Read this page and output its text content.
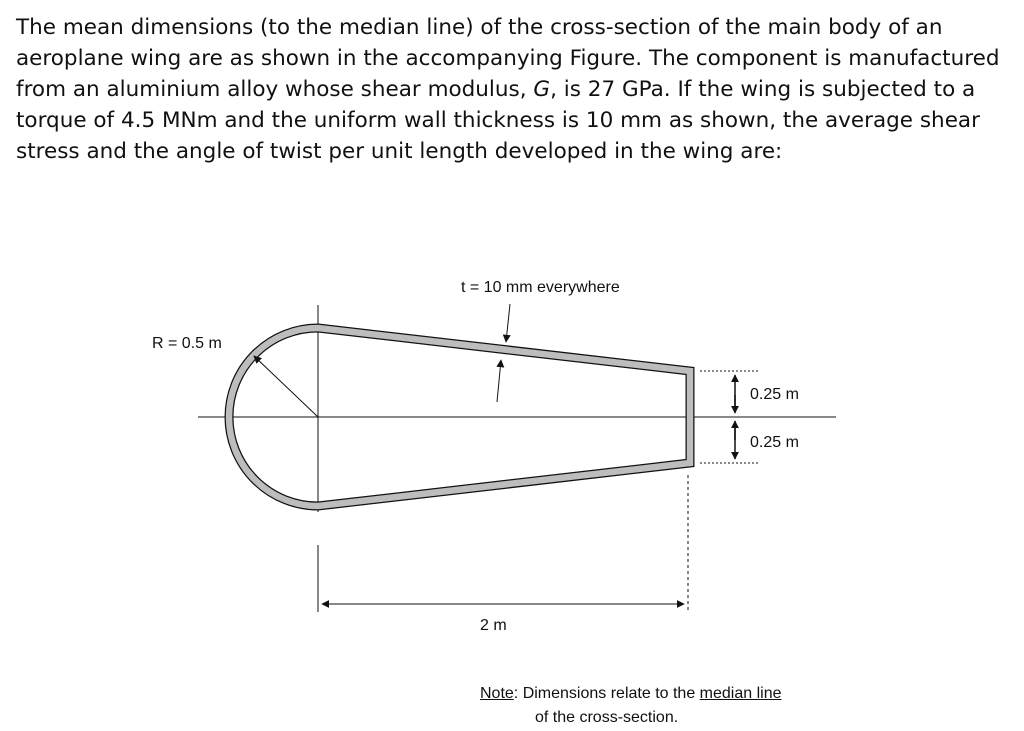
The mean dimensions (to the median line) of the cross-section of the main body of an aeroplane wing are as shown in the accompanying Figure. The component is manufactured from an aluminium alloy whose shear modulus, G, is 27 GPa. If the wing is subjected to a torque of 4.5 MNm and the uniform wall thickness is 10 mm as shown, the average shear stress and the angle of twist per unit length developed in the wing are:

R = 0.5 m
t = 10 mm everywhere
0.25 m
0.25 m
2 m
Note: Dimensions relate to the median line
of the cross-section.
